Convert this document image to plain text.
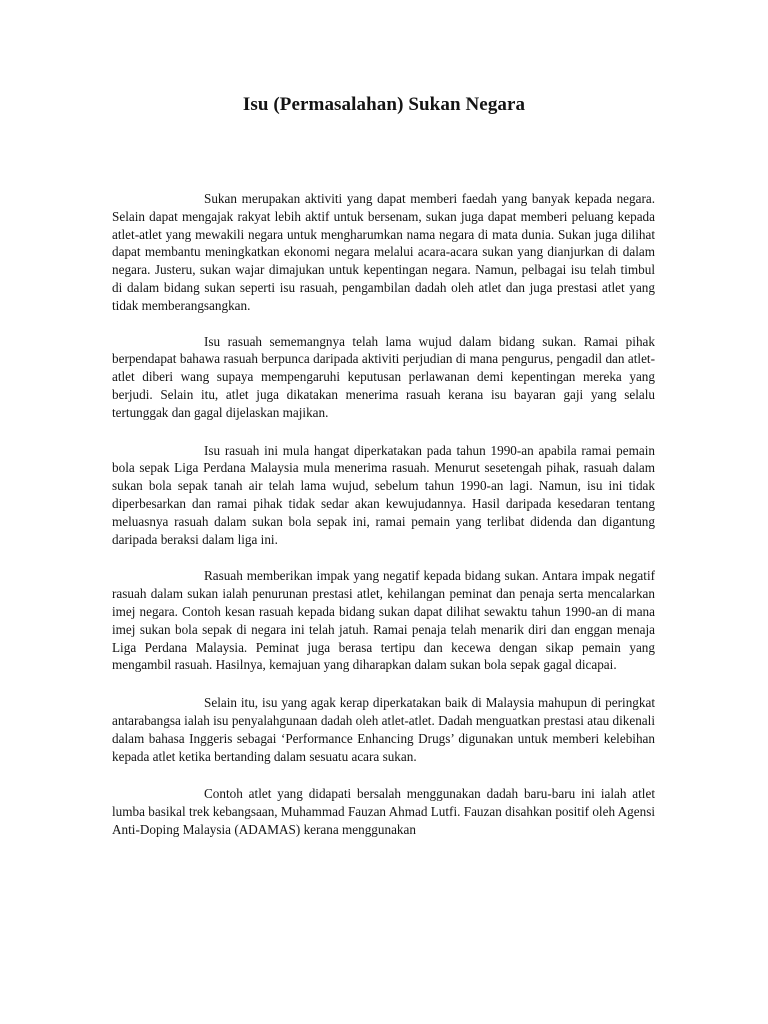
Isu (Permasalahan) Sukan Negara

Sukan merupakan aktiviti yang dapat memberi faedah yang banyak kepada negara. Selain dapat mengajak rakyat lebih aktif untuk bersenam, sukan juga dapat memberi peluang kepada atlet-atlet yang mewakili negara untuk mengharumkan nama negara di mata dunia. Sukan juga dilihat dapat membantu meningkatkan ekonomi negara melalui acara-acara sukan yang dianjurkan di dalam negara. Justeru, sukan wajar dimajukan untuk kepentingan negara. Namun, pelbagai isu telah timbul di dalam bidang sukan seperti isu rasuah, pengambilan dadah oleh atlet dan juga prestasi atlet yang tidak memberangsangkan.

Isu rasuah sememangnya telah lama wujud dalam bidang sukan. Ramai pihak berpendapat bahawa rasuah berpunca daripada aktiviti perjudian di mana pengurus, pengadil dan atlet-atlet diberi wang supaya mempengaruhi keputusan perlawanan demi kepentingan mereka yang berjudi. Selain itu, atlet juga dikatakan menerima rasuah kerana isu bayaran gaji yang selalu tertunggak dan gagal dijelaskan majikan.

Isu rasuah ini mula hangat diperkatakan pada tahun 1990-an apabila ramai pemain bola sepak Liga Perdana Malaysia mula menerima rasuah. Menurut sesetengah pihak, rasuah dalam sukan bola sepak tanah air telah lama wujud, sebelum tahun 1990-an lagi. Namun, isu ini tidak diperbesarkan dan ramai pihak tidak sedar akan kewujudannya. Hasil daripada kesedaran tentang meluasnya rasuah dalam sukan bola sepak ini, ramai pemain yang terlibat didenda dan digantung daripada beraksi dalam liga ini.

Rasuah memberikan impak yang negatif kepada bidang sukan. Antara impak negatif rasuah dalam sukan ialah penurunan prestasi atlet, kehilangan peminat dan penaja serta mencalarkan imej negara. Contoh kesan rasuah kepada bidang sukan dapat dilihat sewaktu tahun 1990-an di mana imej sukan bola sepak di negara ini telah jatuh. Ramai penaja telah menarik diri dan enggan menaja Liga Perdana Malaysia. Peminat juga berasa tertipu dan kecewa dengan sikap pemain yang mengambil rasuah. Hasilnya, kemajuan yang diharapkan dalam sukan bola sepak gagal dicapai.

Selain itu, isu yang agak kerap diperkatakan baik di Malaysia mahupun di peringkat antarabangsa ialah isu penyalahgunaan dadah oleh atlet-atlet. Dadah menguatkan prestasi atau dikenali dalam bahasa Inggeris sebagai ‘Performance Enhancing Drugs’ digunakan untuk memberi kelebihan kepada atlet ketika bertanding dalam sesuatu acara sukan.

Contoh atlet yang didapati bersalah menggunakan dadah baru-baru ini ialah atlet lumba basikal trek kebangsaan, Muhammad Fauzan Ahmad Lutfi. Fauzan disahkan positif oleh Agensi Anti-Doping Malaysia (ADAMAS) kerana menggunakan
